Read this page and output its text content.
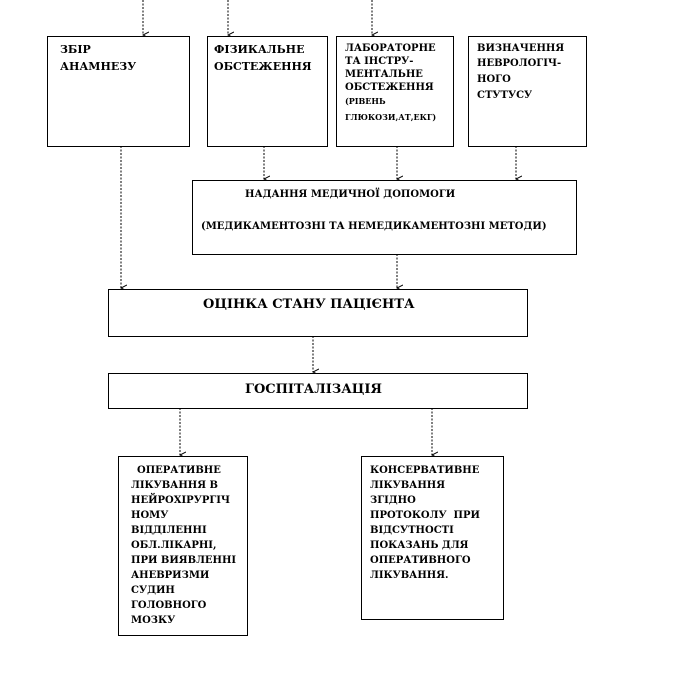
ЗБІР
АНАМНЕЗУ
ФІЗИКАЛЬНЕ
ОБСТЕЖЕННЯ
ЛАБОРАТОРНЕ
ТА ІНСТРУ-
МЕНТАЛЬНЕ
ОБСТЕЖЕННЯ
(РІВЕНЬ
ГЛЮКОЗИ,АТ,ЕКГ)
ВИЗНАЧЕННЯ
НЕВРОЛОГІЧ-
НОГО
СТУТУСУ
НАДАННЯ МЕДИЧНОЇ ДОПОМОГИ
(МЕДИКАМЕНТОЗНІ ТА НЕМЕДИКАМЕНТОЗНІ МЕТОДИ)
ОЦІНКА СТАНУ ПАЦІЄНТА
ГОСПІТАЛІЗАЦІЯ
ОПЕРАТИВНЕ
ЛІКУВАННЯ В
НЕЙРОХІРУРГІЧ
НОМУ
ВІДДІЛЕННІ
ОБЛ.ЛІКАРНІ,
ПРИ ВИЯВЛЕННІ
АНЕВРИЗМИ
СУДИН
ГОЛОВНОГО
МОЗКУ
КОНСЕРВАТИВНЕ
ЛІКУВАННЯ
ЗГІДНО
ПРОТОКОЛУ  ПРИ
ВІДСУТНОСТІ
ПОКАЗАНЬ ДЛЯ
ОПЕРАТИВНОГО
ЛІКУВАННЯ.
